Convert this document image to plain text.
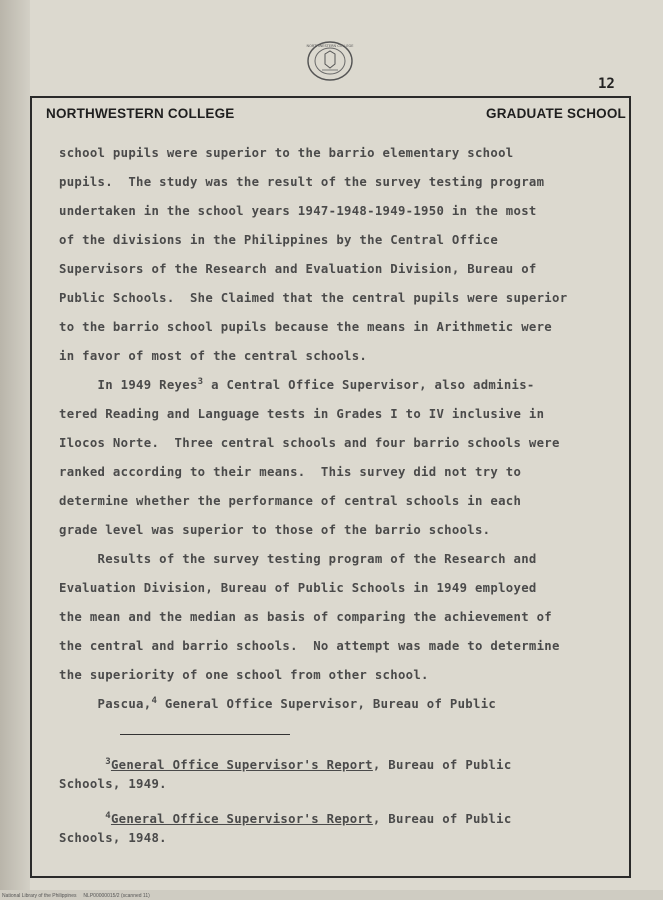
NORTHWESTERN COLLEGE
12
NORTHWESTERN COLLEGE	GRADUATE SCHOOL
school pupils were superior to the barrio elementary school
pupils.  The study was the result of the survey testing program
undertaken in the school years 1947-1948-1949-1950 in the most
of the divisions in the Philippines by the Central Office
Supervisors of the Research and Evaluation Division, Bureau of
Public Schools.  She Claimed that the central pupils were superior
to the barrio school pupils because the means in Arithmetic were
in favor of most of the central schools.
In 1949 Reyes$^3$ a Central Office Supervisor, also adminis-
tered Reading and Language tests in Grades I to IV inclusive in
Ilocos Norte.  Three central schools and four barrio schools were
ranked according to their means.  This survey did not try to
determine whether the performance of central schools in each
grade level was superior to those of the barrio schools.
Results of the survey testing program of the Research and
Evaluation Division, Bureau of Public Schools in 1949 employed
the mean and the median as basis of comparing the achievement of
the central and barrio schools.  No attempt was made to determine
the superiority of one school from other school.
Pascua,$^4$ General Office Supervisor, Bureau of Public
$^3$General Office Supervisor's Report, Bureau of Public
Schools, 1949.
$^4$General Office Supervisor's Report, Bureau of Public
Schools, 1948.
National Library of the Philippines     NLP00000015/2 (scanned 11)
